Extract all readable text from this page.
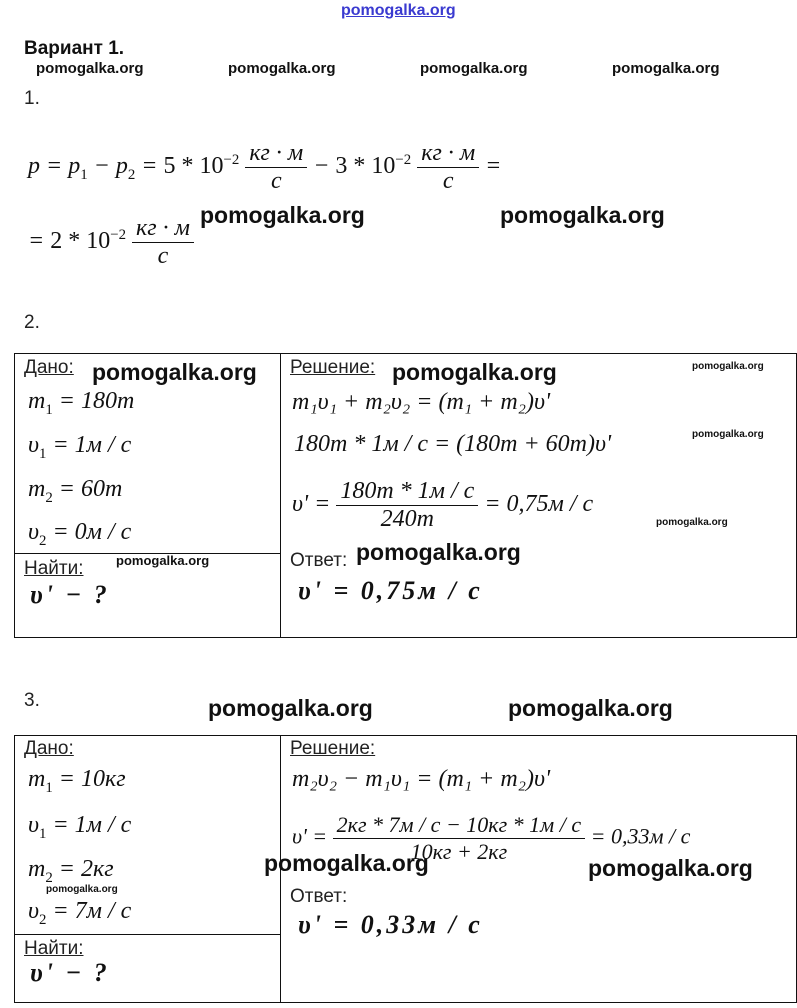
pomogalka.org
Вариант 1.
pomogalka.org	pomogalka.org	pomogalka.org	pomogalka.org
1.
$p = p_1 - p_2 = 5 * 10^{-2} \frac{кг \cdot м}{с} - 3 * 10^{-2} \frac{кг \cdot м}{с}$ =
= $2 * 10^{-2} \frac{кг \cdot м}{с}$ pomogalka.org	pomogalka.org
2.
Дано: pomogalka.org
$m_1 = 180т$
$\upsilon_1 = 1м / с$
$m_2 = 60т$
$\upsilon_2 = 0м / с$
Найти:	pomogalka.org
υ' − ?
Решение: pomogalka.org	pomogalka.org
m₁υ₁ + m₂υ₂ = (m₁ + m₂)υ'
pomogalka.org
180т * 1м / с = (180т + 60т)υ'
$\upsilon' = \frac{180т * 1м / с}{240т} = 0,75м / с$
pomogalka.org
Ответ: pomogalka.org
υ' = 0,75м / с
3.	pomogalka.org	pomogalka.org
Дано:
$m_1 = 10кг$
$\upsilon_1 = 1м / с$
$m_2 = 2кг$
pomogalka.org
$\upsilon_2 = 7м / с$
Найти:
υ' − ?
Решение:
m₂υ₂ − m₁υ₁ = (m₁ + m₂)υ'
$\upsilon' = \frac{2кг * 7м / с - 10кг * 1м / с}{10кг + 2кг} = 0,33м / с$
pomogalka.org	pomogalka.org
Ответ:
υ' = 0,33м / с
